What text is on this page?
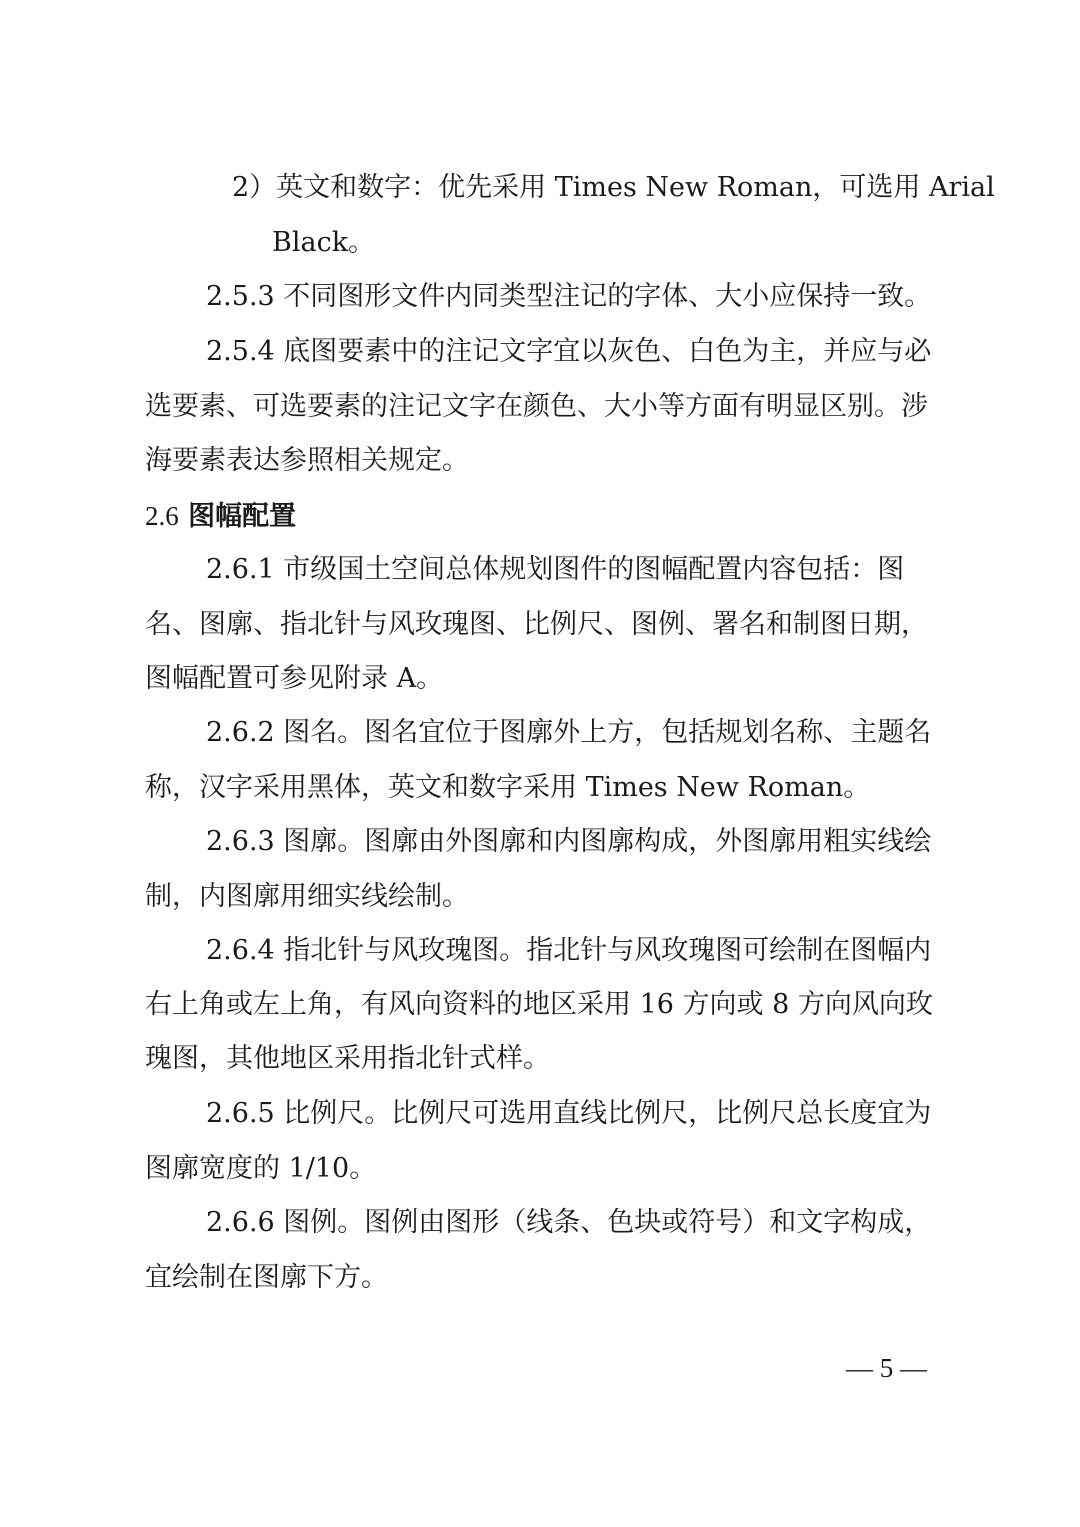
2）英文和数字：优先采用 Times New Roman，可选用 Arial
Black。
2.5.3 不同图形文件内同类型注记的字体、大小应保持一致。
2.5.4 底图要素中的注记文字宜以灰色、白色为主，并应与必
选要素、可选要素的注记文字在颜色、大小等方面有明显区别。涉
海要素表达参照相关规定。
2.6 图幅配置
2.6.1 市级国土空间总体规划图件的图幅配置内容包括：图
名、图廓、指北针与风玫瑰图、比例尺、图例、署名和制图日期，
图幅配置可参见附录 A。
2.6.2 图名。图名宜位于图廓外上方，包括规划名称、主题名
称，汉字采用黑体，英文和数字采用 Times New Roman。
2.6.3 图廓。图廓由外图廓和内图廓构成，外图廓用粗实线绘
制，内图廓用细实线绘制。
2.6.4 指北针与风玫瑰图。指北针与风玫瑰图可绘制在图幅内
右上角或左上角，有风向资料的地区采用 16 方向或 8 方向风向玫
瑰图，其他地区采用指北针式样。
2.6.5 比例尺。比例尺可选用直线比例尺，比例尺总长度宜为
图廓宽度的 1/10。
2.6.6 图例。图例由图形（线条、色块或符号）和文字构成，
宜绘制在图廓下方。
— 5 —
